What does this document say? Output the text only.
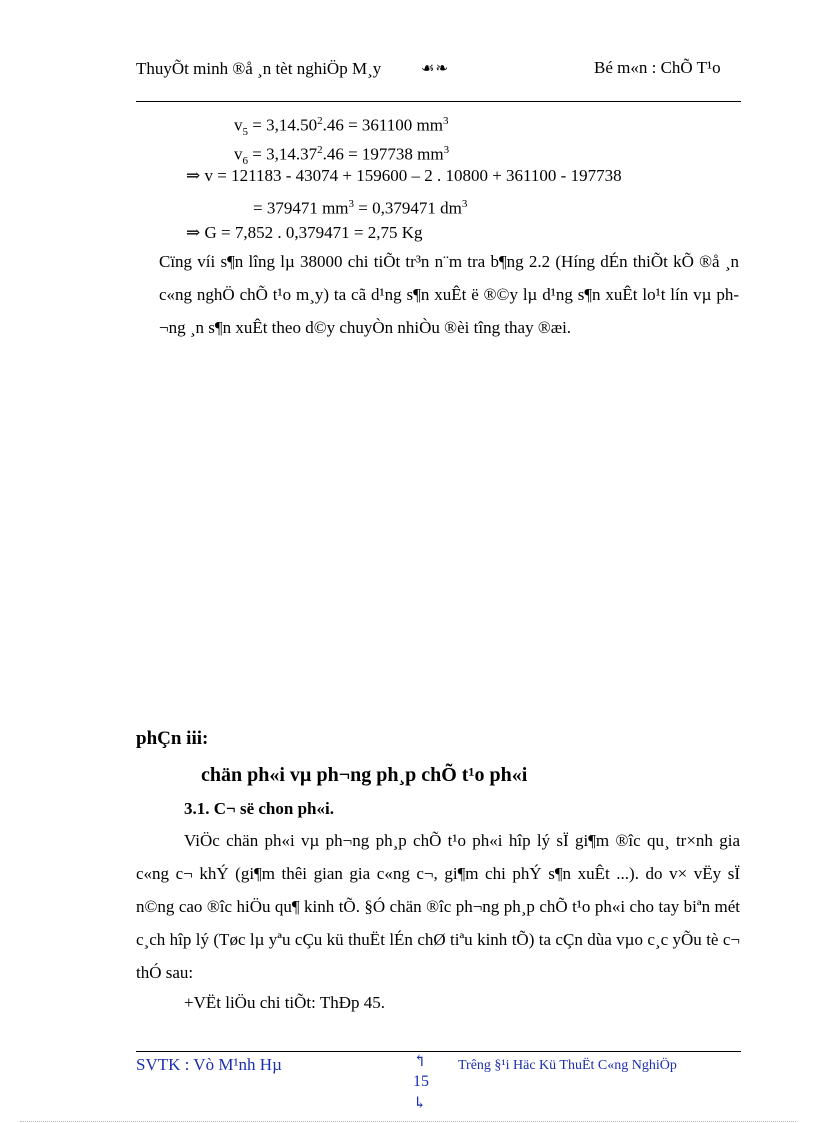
ThuyÕt minh ®å ¸n tèt nghiÖp M¸y	☙❧	Bé m«n : ChÕ T¹o
$v_5 = 3,14.50^2.46 = 361100$ $mm^3$
$v_6 = 3,14.37^2.46 = 197738$ $mm^3$
⇒ v = 121183 - 43074 + 159600 – 2 . 10800 + 361100 - 197738
= 379471 $mm^3 = 0,379471$ $dm^3$
⇒ G = 7,852 . 0,379471 = 2,75 Kg
Cïng víi s¶n lîng lµ 38000 chi tiÕt tr³n n¨m tra b¶ng 2.2 (Híng dÉn thiÕt kÕ ®å ¸n c«ng nghÖ chÕ t¹o m¸y) ta cã d¹ng s¶n xuÊt ë ®©y lµ d¹ng s¶n xuÊt lo¹t lín vµ ph¬ng ¸n s¶n xuÊt theo d©y chuyÒn nhiÒu ®èi tîng thay ®æi.
phÇn iii:
chän ph«i vµ ph¬ng ph¸p chÕ t¹o ph«i
3.1. C¬ së chon ph«i.
ViÖc chän ph«i vµ ph¬ng ph¸p chÕ t¹o ph«i hîp lý sÏ gi¶m ®îc qu¸ tr×nh gia c«ng c¬ khÝ (gi¶m thêi gian gia c«ng c¬, gi¶m chi phÝ s¶n xuÊt ...). do v× vËy sÏ n©ng cao ®îc hiÖu qu¶ kinh tÕ. §Ó chän ®îc ph¬ng ph¸p chÕ t¹o ph«i cho tay biªn mét c¸ch hîp lý (Tøc lµ yªu cÇu kü thuËt lÉn chØ tiªu kinh tÕ) ta cÇn dùa vµo c¸c yÕu tè c¬ thÓ sau:
+VËt liÖu chi tiÕt: ThÐp 45.
SVTK : Vò M¹nh Hµ	↰
15
↳
Trêng §¹i Häc Kü ThuËt C«ng NghiÖp
